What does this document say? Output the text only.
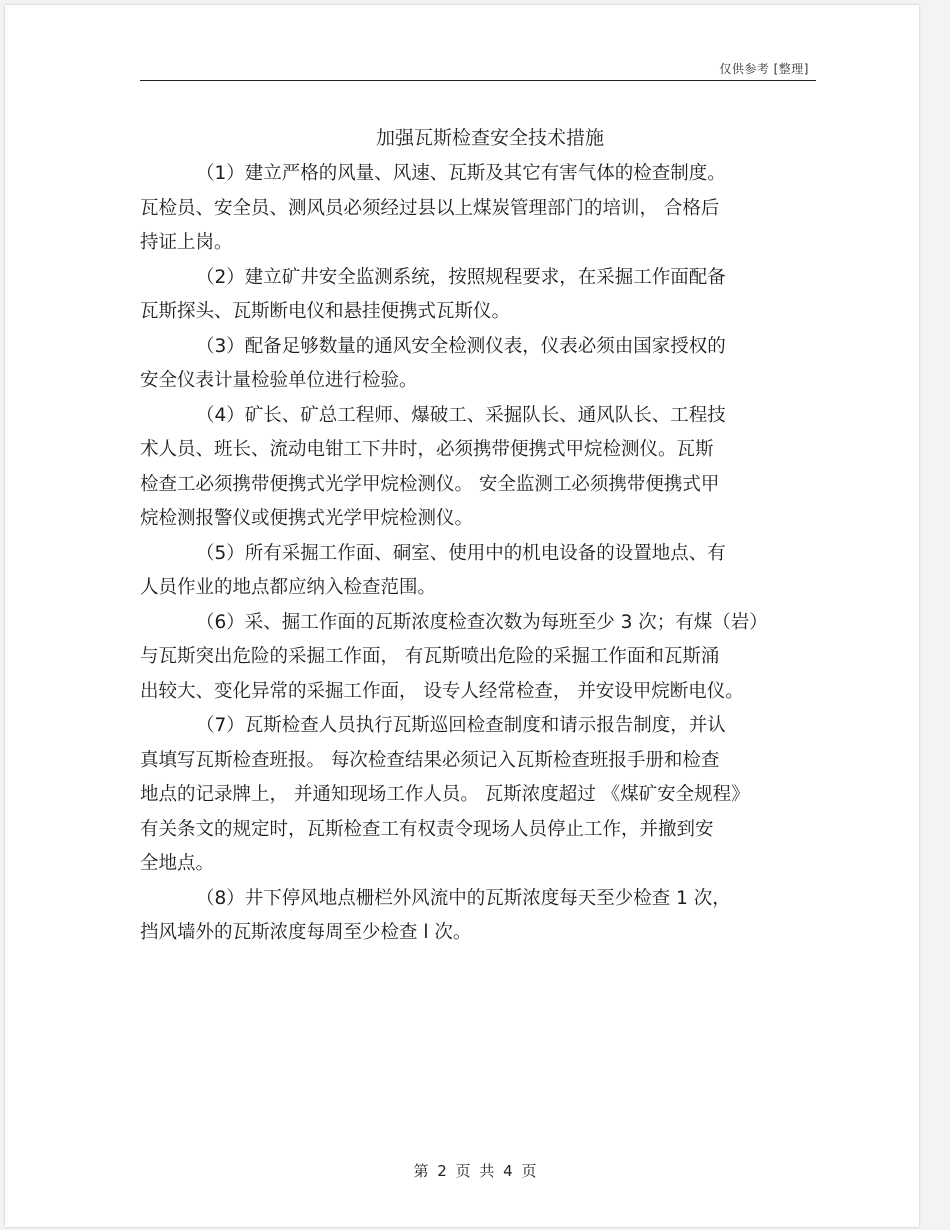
仅供参考 [整理]
加强瓦斯检查安全技术措施
（1）建立严格的风量、风速、瓦斯及其它有害气体的检查制度。
瓦检员、安全员、测风员必须经过县以上煤炭管理部门的培训， 合格后
持证上岗。
（2）建立矿井安全监测系统，按照规程要求，在采掘工作面配备
瓦斯探头、瓦斯断电仪和悬挂便携式瓦斯仪。
（3）配备足够数量的通风安全检测仪表，仪表必须由国家授权的
安全仪表计量检验单位进行检验。
（4）矿长、矿总工程师、爆破工、采掘队长、通风队长、工程技
术人员、班长、流动电钳工下井时，必须携带便携式甲烷检测仪。瓦斯
检查工必须携带便携式光学甲烷检测仪。 安全监测工必须携带便携式甲
烷检测报警仪或便携式光学甲烷检测仪。
（5）所有采掘工作面、硐室、使用中的机电设备的设置地点、有
人员作业的地点都应纳入检查范围。
（6）采、掘工作面的瓦斯浓度检查次数为每班至少 3 次；有煤（岩）
与瓦斯突出危险的采掘工作面， 有瓦斯喷出危险的采掘工作面和瓦斯涌
出较大、变化异常的采掘工作面， 设专人经常检查， 并安设甲烷断电仪。
（7）瓦斯检查人员执行瓦斯巡回检查制度和请示报告制度，并认
真填写瓦斯检查班报。 每次检查结果必须记入瓦斯检查班报手册和检查
地点的记录牌上， 并通知现场工作人员。 瓦斯浓度超过 《煤矿安全规程》
有关条文的规定时，瓦斯检查工有权责令现场人员停止工作，并撤到安
全地点。
（8）井下停风地点栅栏外风流中的瓦斯浓度每天至少检查 1 次，
挡风墙外的瓦斯浓度每周至少检查 l 次。
第 2 页 共 4 页
